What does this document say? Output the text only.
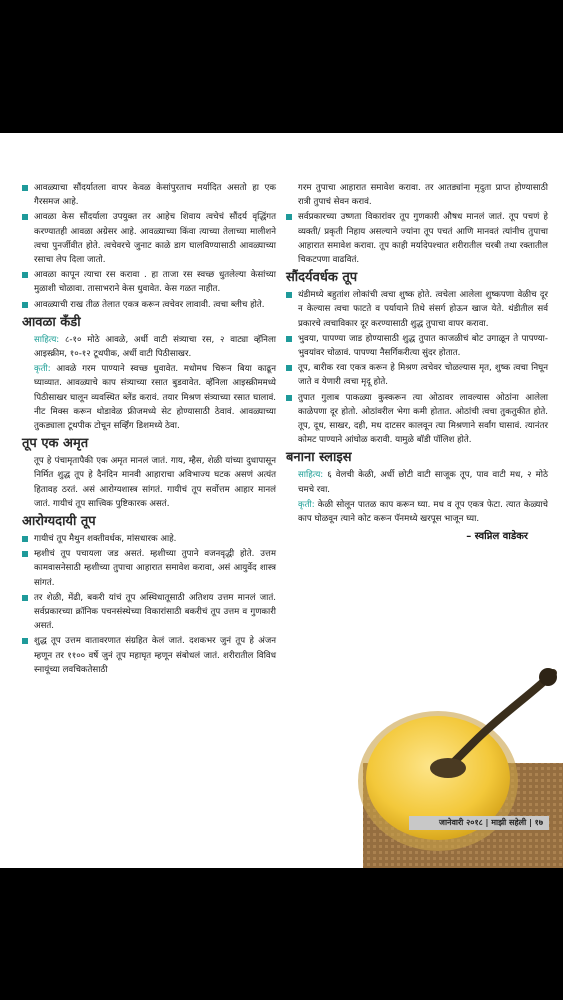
आवळ्याचा सौंदर्यातला वापर केवळ केसांपुरताच मर्यादित असतो हा एक गैरसमज आहे.
आवळा केस सौंदर्याला उपयुक्त तर आहेच शिवाय त्वचेचं सौंदर्य वृद्धिंगत करण्यातही आवळा अग्रेसर आहे. आवळ्याच्या किंवा त्याच्या तेलाच्या मालीशने त्वचा पुनर्जीवीत होते. त्वचेवरचे जुनाट काळे डाग घालविण्यासाठी आवळ्याच्या रसाचा लेप दिला जातो.
आवळा कापून त्याचा रस करावा . हा ताजा रस स्वच्छ धुतलेल्या केसांच्या मुळाशी चोळावा. तासाभराने केस धुवावेत. केस गळत नाहीत.
आवळ्याची राख तीळ तेलात एकत्र करून त्वचेवर लावावी. त्वचा ब्लीच होते.
आवळा कँडी

साहित्य: ८-१० मोठे आवळे, अर्धी वाटी संत्र्याचा रस, २ वाट्या व्हॅनिला आइस्क्रीम, १०-१२ टूथपीक, अर्धी वाटी पिठीसाखर.

कृती: आवळे गरम पाण्याने स्वच्छ धुवावेत. मधोमध चिरून बिया काढून घ्याव्यात. आवळ्याचे काप संत्र्याच्या रसात बुडवावेत. व्हॅनिला आइस्क्रीममध्ये पिठीसाखर घालून व्यवस्थित ब्लेंड करावं. तयार मिश्रण संत्र्याच्या रसात घालावं. नीट मिक्स करून थोडावेळ फ्रीजमध्ये सेट होण्यासाठी ठेवावं. आवळ्याच्या तुकड्याला टूथपीक टोचून सर्व्हिंग डिशमध्ये ठेवा.

तूप एक अमृत

तूप हे पंचामृतापैकी एक अमृत मानलं जातं. गाय, म्हैस, शेळी यांच्या दुधापासून निर्मित शुद्ध तूप हे दैनंदिन मानवी आहाराचा अविभाज्य घटक असणं अत्यंत हितावह ठरतं. असं आरोग्यशास्त्र सांगतं. गायीचं तूप सर्वोत्तम आहार मानलं जातं. गायीचं तूप सात्त्विक पुष्टिकारक असतं.

आरोग्यदायी तूप
गायीचं तूप मैथुन शक्तीवर्धक, मांसधारक आहे.
म्हशीचं तूप पचायला जड असतं. म्हशीच्या तुपाने वजनवृद्धी होते. उत्तम कामवासनेसाठी म्हशीच्या तुपाचा आहारात समावेश करावा, असं आयुर्वेद शास्त्र सांगतं.
तर शेळी, मेंढी, बकरी यांचं तूप अस्थिधातूसाठी अतिशय उत्तम मानलं जातं. सर्वप्रकारच्या क्रॉनिक पचनसंस्थेच्या विकारांसाठी बकरीचं तूप उत्तम व गुणकारी असतं.
शुद्ध तूप उत्तम वातावरणात संग्रहित केलं जातं. दशकभर जुनं तूप हे अंजन म्हणून तर ११०० वर्षे जुनं तूप महाघृत म्हणून संबोधलं जातं. शरीरातील विविध स्नायूंच्या लवचिकतेसाठी

गरम तुपाचा आहारात समावेश करावा. तर आतड्यांना मृदुता प्राप्त होण्यासाठी रात्री तुपाचं सेवन करावं.

सर्वप्रकारच्या उष्णता विकारांवर तूप गुणकारी औषध मानलं जातं. तूप पचणं हे व्यक्ती/ प्रकृती निहाय असल्याने ज्यांना तूप पचतं आणि मानवतं त्यांनीच तुपाचा आहारात समावेश करावा. तूप काही मर्यादेपश्चात शरीरातील चरबी तथा रक्तातील चिकटपणा वाढवितं.
सौंदर्यवर्धक तूप
थंडीमध्ये बहुतांश लोकांची त्वचा शुष्क होते. त्वचेला आलेला शुष्कपणा वेळीच दूर न केल्यास त्वचा फाटते व पर्यायाने तिथे संसर्ग होऊन खाज येते. थंडीतील सर्व प्रकारचे त्वचाविकार दूर करण्यासाठी शुद्ध तुपाचा वापर करावा.
भुवया, पापण्या जाड होण्यासाठी शुद्ध तुपात काजळीचं बोट उगाळून ते पापण्या-भुवयांवर चोळावं. पापण्या नैसर्गिकरीत्या सुंदर होतात.
तूप, बारीक रवा एकत्र करून हे मिश्रण त्वचेवर चोळल्यास मृत, शुष्क त्वचा निघून जाते व येणारी त्वचा मृदू होते.
तुपात गुलाब पाकळ्या कुस्करून त्या ओठावर लावल्यास ओठांना आलेला काळेपणा दूर होतो. ओठांवरील भेगा कमी होतात. ओठांची त्वचा तुकतुकीत होते. तूप, दूध, साखर, दही, मध दाटसर कालवून त्या मिश्रणाने सर्वांग घासावं. त्यानंतर कोमट पाण्याने आंघोळ करावी. यामुळे बॉडी पॉलिश होते.
बनाना स्लाइस

साहित्य: ६ वेलची केळी, अर्धी छोटी वाटी साजूक तूप, पाव वाटी मध, २ मोठे चमचे रवा.

कृती: केळी सोलून पातळ काप करून घ्या. मध व तूप एकत्र फेटा. त्यात केळ्याचे काप घोळवून त्याने कोट करून पॅनमध्ये खरपूस भाजून घ्या.

– स्वप्निल वाडेकर
जानेवारी २०१८ | माझी सहेली | १७
